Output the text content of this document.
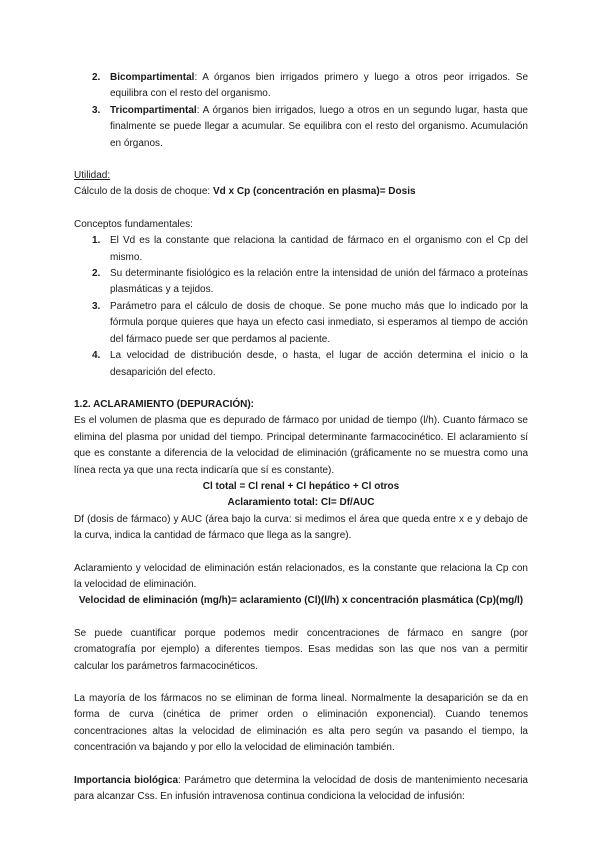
2. Bicompartimental: A órganos bien irrigados primero y luego a otros peor irrigados. Se equilibra con el resto del organismo.
3. Tricompartimental: A órganos bien irrigados, luego a otros en un segundo lugar, hasta que finalmente se puede llegar a acumular. Se equilibra con el resto del organismo. Acumulación en órganos.
Utilidad:
Cálculo de la dosis de choque: Vd x Cp (concentración en plasma)= Dosis
Conceptos fundamentales:
1. El Vd es la constante que relaciona la cantidad de fármaco en el organismo con el Cp del mismo.
2. Su determinante fisiológico es la relación entre la intensidad de unión del fármaco a proteínas plasmáticas y a tejidos.
3. Parámetro para el cálculo de dosis de choque. Se pone mucho más que lo indicado por la fórmula porque quieres que haya un efecto casi inmediato, si esperamos al tiempo de acción del fármaco puede ser que perdamos al paciente.
4. La velocidad de distribución desde, o hasta, el lugar de acción determina el inicio o la desaparición del efecto.
1.2. ACLARAMIENTO (DEPURACIÓN):
Es el volumen de plasma que es depurado de fármaco por unidad de tiempo (l/h). Cuanto fármaco se elimina del plasma por unidad del tiempo. Principal determinante farmacocinético. El aclaramiento sí que es constante a diferencia de la velocidad de eliminación (gráficamente no se muestra como una línea recta ya que una recta indicaría que sí es constante).
Cl total = Cl renal + Cl hepático + Cl otros
Aclaramiento total: Cl= Df/AUC
Df (dosis de fármaco) y AUC (área bajo la curva: si medimos el área que queda entre x e y debajo de la curva, indica la cantidad de fármaco que llega as la sangre).
Aclaramiento y velocidad de eliminación están relacionados, es la constante que relaciona la Cp con la velocidad de eliminación.
Velocidad de eliminación (mg/h)= aclaramiento (Cl)(l/h) x concentración plasmática (Cp)(mg/l)
Se puede cuantificar porque podemos medir concentraciones de fármaco en sangre (por cromatografía por ejemplo) a diferentes tiempos. Esas medidas son las que nos van a permitir calcular los parámetros farmacocinéticos.
La mayoría de los fármacos no se eliminan de forma lineal. Normalmente la desaparición se da en forma de curva (cinética de primer orden o eliminación exponencial). Cuando tenemos concentraciones altas la velocidad de eliminación es alta pero según va pasando el tiempo, la concentración va bajando y por ello la velocidad de eliminación también.
Importancia biológica: Parámetro que determina la velocidad de dosis de mantenimiento necesaria para alcanzar Css. En infusión intravenosa continua condiciona la velocidad de infusión:
